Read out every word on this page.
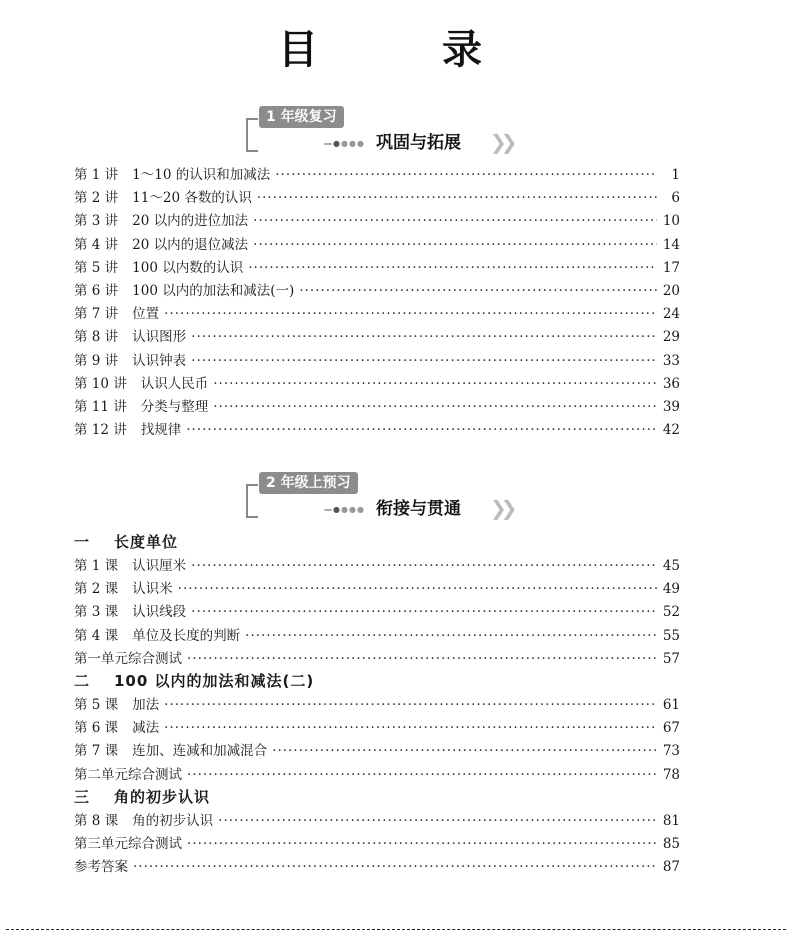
目　录
1 年级复习
—●●●● 巩固与拓展 ❯❯
第 1 讲 1～10 的认识和加减法 ·····	1
第 2 讲 11～20 各数的认识 ·····	6
第 3 讲 20 以内的进位加法 ·····	10
第 4 讲 20 以内的退位减法 ·····	14
第 5 讲 100 以内数的认识 ·····	17
第 6 讲 100 以内的加法和减法(一) ·····	20
第 7 讲 位置 ·····	24
第 8 讲 认识图形 ·····	29
第 9 讲 认识钟表 ·····	33
第 10 讲 认识人民币 ·····	36
第 11 讲 分类与整理 ·····	39
第 12 讲 找规律 ·····	42
2 年级上预习
—●●●● 衔接与贯通 ❯❯
一 长度单位
第 1 课 认识厘米 ·····	45
第 2 课 认识米 ·····	49
第 3 课 认识线段 ·····	52
第 4 课 单位及长度的判断 ·····	55
第一单元综合测试 ·····	57
二 100 以内的加法和减法(二)
第 5 课 加法 ·····	61
第 6 课 减法 ·····	67
第 7 课 连加、连减和加减混合 ·····	73
第二单元综合测试 ·····	78
三 角的初步认识
第 8 课 角的初步认识 ·····	81
第三单元综合测试 ·····	85
参考答案 ·····	87
